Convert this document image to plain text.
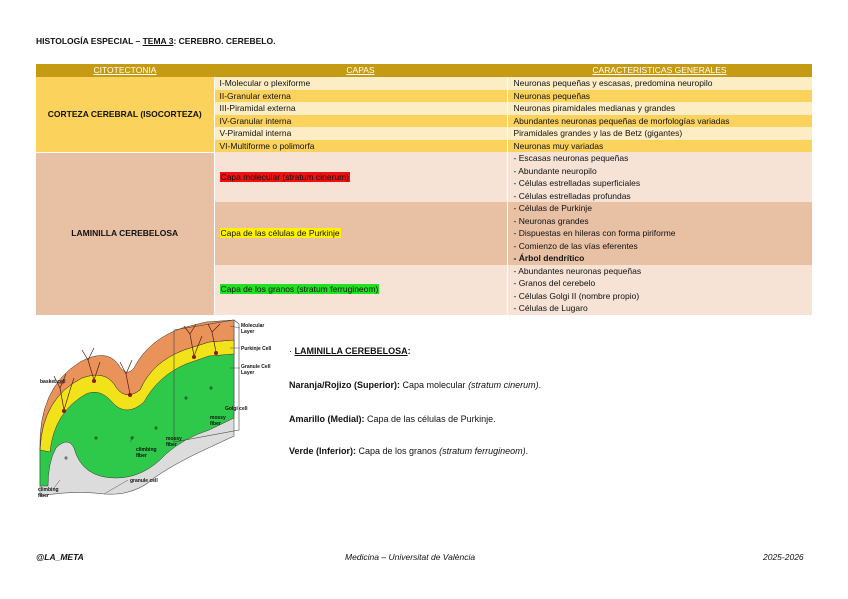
HISTOLOGÍA ESPECIAL – TEMA 3: CEREBRO. CEREBELO.
CITOTECTONIA	CAPAS	CARACTERISTICAS GENERALES
CORTEZA CEREBRAL (ISOCORTEZA)	I-Molecular o plexiforme	Neuronas pequeñas y escasas, predomina neuropilo
	II-Granular externa	Neuronas pequeñas
	III-Piramidal externa	Neuronas piramidales medianas y grandes
	IV-Granular interna	Abundantes neuronas pequeñas de morfologías variadas
	V-Piramidal interna	Piramidales grandes y las de Betz (gigantes)
	VI-Multiforme o polimorfa	Neuronas muy variadas
LAMINILLA CEREBELOSA	Capa molecular (stratum cinerum)	- Escasas neuronas pequeñas
- Abundante neuropilo
- Células estrelladas superficiales
- Células estrelladas profundas

	Capa de las células de Purkinje	- Células de Purkinje
- Neuronas grandes
- Dispuestas en hileras con forma piriforme
- Comienzo de las vías eferentes
- Árbol dendrítico

	Capa de los granos (stratum ferrugineom)	- Abundantes neuronas pequeñas
- Granos del cerebelo
- Células Golgi II (nombre propio)
- Células de Lugaro
Molecular Layer
Purkinje Cell
Granule Cell Layer
basket cell
Golgi cell
mossy fiber
mossy fiber
climbing fiber
granule cell
climbing fiber
· LAMINILLA CEREBELOSA:
Naranja/Rojizo (Superior): Capa molecular (stratum cinerum).
Amarillo (Medial): Capa de las células de Purkinje.
Verde (Inferior): Capa de los granos (stratum ferrugineom).
@LA_META	Medicina – Universitat de València	2025-2026
